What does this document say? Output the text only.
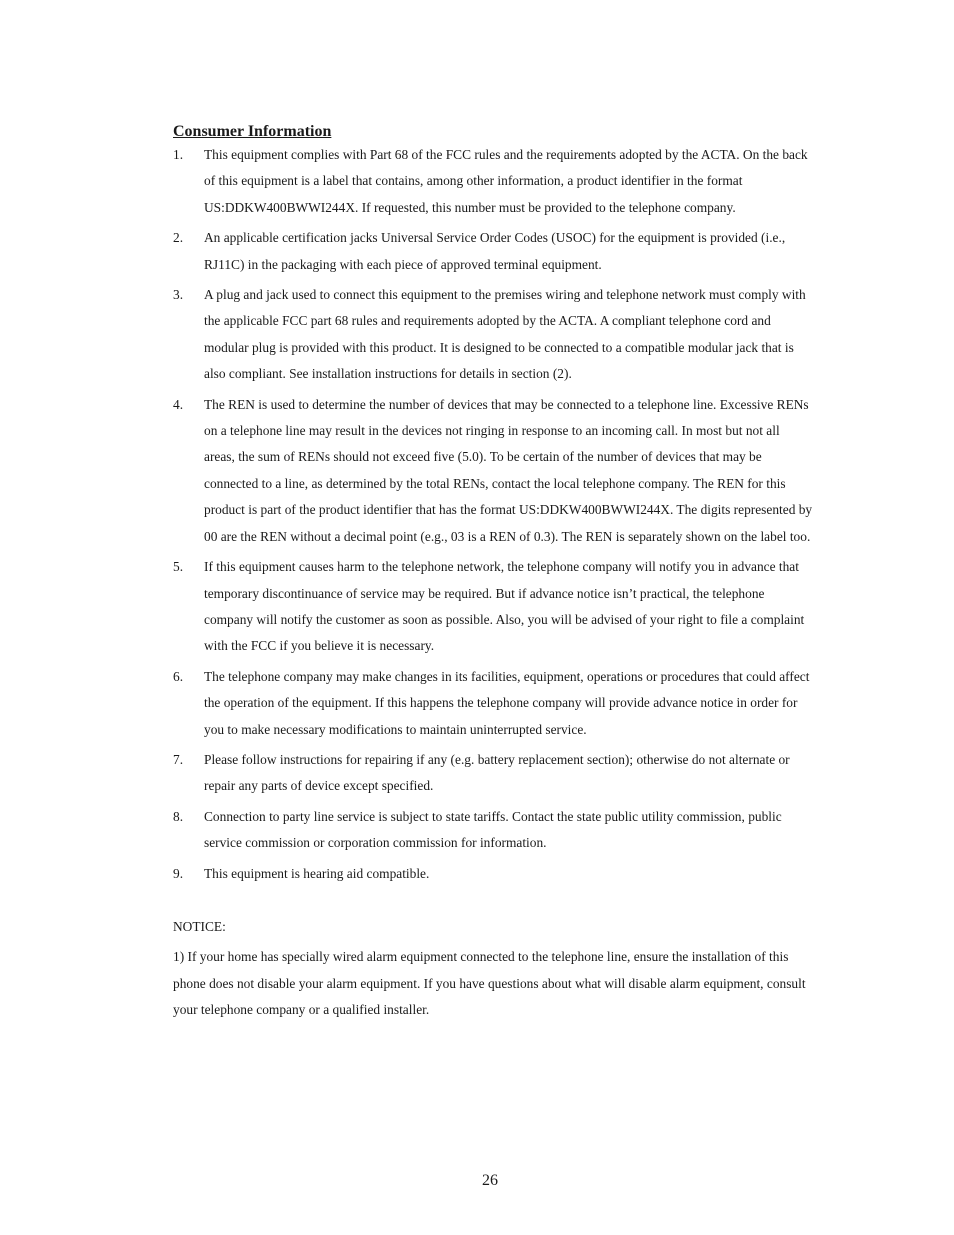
Consumer Information
1.	This equipment complies with Part 68 of the FCC rules and the requirements adopted by the ACTA. On the back of this equipment is a label that contains, among other information, a product identifier in the format US:DDKW400BWWI244X. If requested, this number must be provided to the telephone company.
2.	An applicable certification jacks Universal Service Order Codes (USOC) for the equipment is provided (i.e., RJ11C) in the packaging with each piece of approved terminal equipment.
3.	A plug and jack used to connect this equipment to the premises wiring and telephone network must comply with the applicable FCC part 68 rules and requirements adopted by the ACTA. A compliant telephone cord and modular plug is provided with this product. It is designed to be connected to a compatible modular jack that is also compliant. See installation instructions for details in section (2).
4.	The REN is used to determine the number of devices that may be connected to a telephone line. Excessive RENs on a telephone line may result in the devices not ringing in response to an incoming call. In most but not all areas, the sum of RENs should not exceed five (5.0). To be certain of the number of devices that may be connected to a line, as determined by the total RENs, contact the local telephone company. The REN for this product is part of the product identifier that has the format US:DDKW400BWWI244X. The digits represented by 00 are the REN without a decimal point (e.g., 03 is a REN of 0.3). The REN is separately shown on the label too.
5.	If this equipment causes harm to the telephone network, the telephone company will notify you in advance that temporary discontinuance of service may be required. But if advance notice isn’t practical, the telephone company will notify the customer as soon as possible. Also, you will be advised of your right to file a complaint with the FCC if you believe it is necessary.
6.	The telephone company may make changes in its facilities, equipment, operations or procedures that could affect the operation of the equipment. If this happens the telephone company will provide advance notice in order for you to make necessary modifications to maintain uninterrupted service.
7.	Please follow instructions for repairing if any (e.g. battery replacement section); otherwise do not alternate or repair any parts of device except specified.
8.	Connection to party line service is subject to state tariffs. Contact the state public utility commission, public service commission or corporation commission for information.
9.	This equipment is hearing aid compatible.
NOTICE:

1) If your home has specially wired alarm equipment connected to the telephone line, ensure the installation of this phone does not disable your alarm equipment. If you have questions about what will disable alarm equipment, consult your telephone company or a qualified installer.

26
